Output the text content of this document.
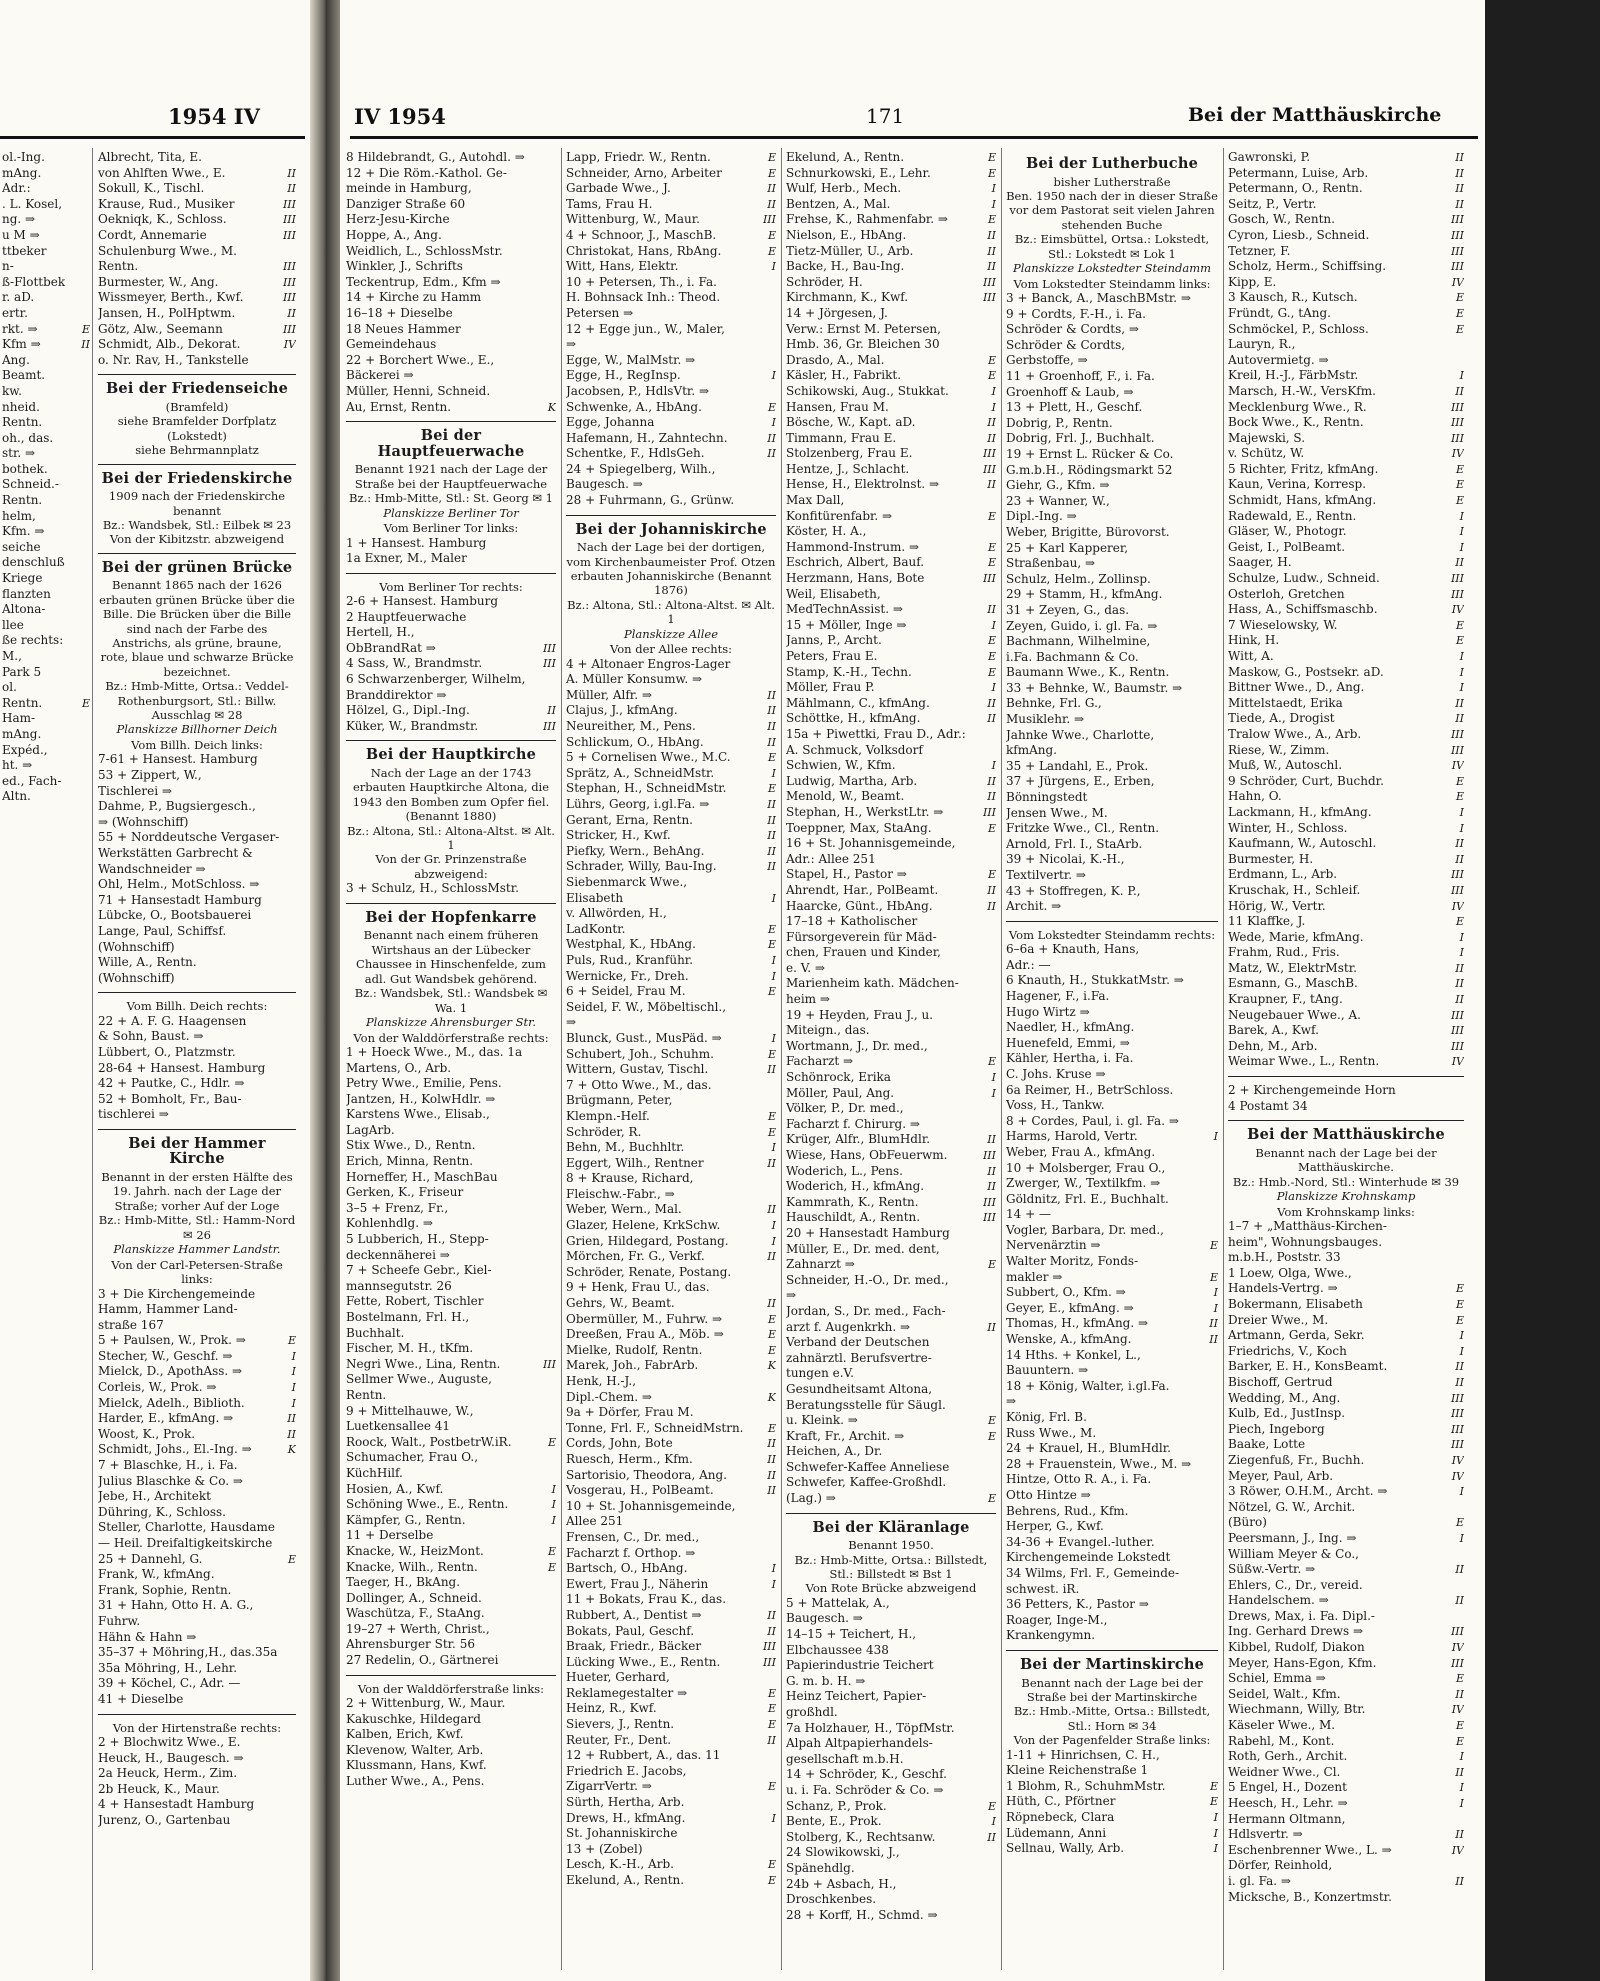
1954 IV
ol.-Ing.
mAng.
Adr.:
. L. Kosel,
ng. ⇒
u M ⇒
ttbeker
n-
ß-Flottbek
r. aD.
ertr.
rkt. ⇒	E
Kfm ⇒	II
Ang.
Beamt.
kw.
nheid.
Rentn.
oh., das.
str. ⇒
bothek.
Schneid.-
Rentn.
helm,
Kfm. ⇒
seiche
denschluß
Kriege
flanzten
Altona-
llee
ße rechts:
M.,
Park 5
ol.
Rentn.	E
Ham-
mAng.
Expéd.,
ht. ⇒
ed., Fach-
Altn.
Albrecht, Tita, E.
von Ahlften Wwe., E.	II
Sokull, K., Tischl.	II
Krause, Rud., Musiker	III
Oekniqk, K., Schloss.	III
Cordt, Annemarie	III
Schulenburg Wwe., M.
Rentn.	III
Burmester, W., Ang.	III
Wissmeyer, Berth., Kwf.	III
Jansen, H., PolHptwm.	II
Götz, Alw., Seemann	III
Schmidt, Alb., Dekorat.	IV
o. Nr. Rav, H., Tankstelle
Bei der Friedenseiche
(Bramfeld)
siehe Bramfelder Dorfplatz
(Lokstedt)
siehe Behrmannplatz
Bei der Friedenskirche
1909 nach der Friedenskirche benannt
Bz.: Wandsbek, Stl.: Eilbek ✉ 23
Von der Kibitzstr. abzweigend
Bei der grünen Brücke
Benannt 1865 nach der 1626 erbauten grünen Brücke über die Bille. Die Brücken über die Bille sind nach der Farbe des Anstrichs, als grüne, braune, rote, blaue und schwarze Brücke bezeichnet.
Bz.: Hmb-Mitte, Ortsa.: Veddel-Rothenburgsort, Stl.: Billw. Ausschlag ✉ 28
Planskizze Billhorner Deich
Vom Billh. Deich links:
7-61 + Hansest. Hamburg
53 + Zippert, W.,
Tischlerei ⇒
Dahme, P., Bugsiergesch.,
⇒ (Wohnschiff)
55 + Norddeutsche Vergaser-
Werkstätten Garbrecht &
Wandschneider ⇒
Ohl, Helm., MotSchloss. ⇒
71 + Hansestadt Hamburg
Lübcke, O., Bootsbauerei
Lange, Paul, Schiffsf.
(Wohnschiff)
Wille, A., Rentn.
(Wohnschiff)
Vom Billh. Deich rechts:
22 + A. F. G. Haagensen
& Sohn, Baust. ⇒
Lübbert, O., Platzmstr.
28-64 + Hansest. Hamburg
42 + Pautke, C., Hdlr. ⇒
52 + Bomholt, Fr., Bau-
tischlerei ⇒
Bei der Hammer Kirche
Benannt in der ersten Hälfte des 19. Jahrh. nach der Lage der Straße; vorher Auf der Loge
Bz.: Hmb-Mitte, Stl.: Hamm-Nord ✉ 26
Planskizze Hammer Landstr.
Von der Carl-Petersen-Straße links:
3 + Die Kirchengemeinde
Hamm, Hammer Land-
straße 167
5 + Paulsen, W., Prok. ⇒	E
Stecher, W., Geschf. ⇒	I
Mielck, D., ApothAss. ⇒	I
Corleis, W., Prok. ⇒	I
Mielck, Adelh., Biblioth.	I
Harder, E., kfmAng. ⇒	II
Woost, K., Prok.	II
Schmidt, Johs., El.-Ing. ⇒	K
7 + Blaschke, H., i. Fa.
Julius Blaschke & Co. ⇒
Jebe, H., Architekt
Dühring, K., Schloss.
Steller, Charlotte, Hausdame
— Heil. Dreifaltigkeitskirche
25 + Dannehl, G.	E
Frank, W., kfmAng.
Frank, Sophie, Rentn.
31 + Hahn, Otto H. A. G.,
Fuhrw.
Hähn & Hahn ⇒
35–37 + Möhring,H., das.35a
35a Möhring, H., Lehr.
39 + Köchel, C., Adr. —
41 + Dieselbe
Von der Hirtenstraße rechts:
2 + Blochwitz Wwe., E.
Heuck, H., Baugesch. ⇒
2a Heuck, Herm., Zim.
2b Heuck, K., Maur.
4 + Hansestadt Hamburg
Jurenz, O., Gartenbau
IV 1954	171	Bei der Matthäuskirche
8 Hildebrandt, G., Autohdl. ⇒
12 + Die Röm.-Kathol. Ge-
meinde in Hamburg,
Danziger Straße 60
Herz-Jesu-Kirche
Hoppe, A., Ang.
Weidlich, L., SchlossMstr.
Winkler, J., Schrifts
Teckentrup, Edm., Kfm ⇒
14 + Kirche zu Hamm
16–18 + Dieselbe
18 Neues Hammer
Gemeindehaus
22 + Borchert Wwe., E.,
Bäckerei ⇒
Müller, Henni, Schneid.
Au, Ernst, Rentn.	K
Bei der Hauptfeuerwache
Benannt 1921 nach der Lage der Straße bei der Hauptfeuerwache
Bz.: Hmb-Mitte, Stl.: St. Georg ✉ 1
Planskizze Berliner Tor
Vom Berliner Tor links:
1 + Hansest. Hamburg
1a Exner, M., Maler
Vom Berliner Tor rechts:
2-6 + Hansest. Hamburg
2 Hauptfeuerwache
Hertell, H.,
ObBrandRat ⇒	III
4 Sass, W., Brandmstr.	III
6 Schwarzenberger, Wilhelm,
Branddirektor ⇒
Hölzel, G., Dipl.-Ing.	II
Küker, W., Brandmstr.	III
Bei der Hauptkirche
Nach der Lage an der 1743 erbauten Hauptkirche Altona, die 1943 den Bomben zum Opfer fiel. (Benannt 1880)
Bz.: Altona, Stl.: Altona-Altst. ✉ Alt. 1
Von der Gr. Prinzenstraße abzweigend:
3 + Schulz, H., SchlossMstr.
Bei der Hopfenkarre
Benannt nach einem früheren Wirtshaus an der Lübecker Chaussee in Hinschenfelde, zum adl. Gut Wandsbek gehörend.
Bz.: Wandsbek, Stl.: Wandsbek ✉ Wa. 1
Planskizze Ahrensburger Str.
Von der Walddörferstraße rechts:
1 + Hoeck Wwe., M., das. 1a
Martens, O., Arb.
Petry Wwe., Emilie, Pens.
Jantzen, H., KolwHdlr. ⇒
Karstens Wwe., Elisab.,
LagArb.
Stix Wwe., D., Rentn.
Erich, Minna, Rentn.
Horneffer, H., MaschBau
Gerken, K., Friseur
3–5 + Frenz, Fr.,
Kohlenhdlg. ⇒
5 Lubberich, H., Stepp-
deckennäherei ⇒
7 + Scheefe Gebr., Kiel-
mannsegutstr. 26
Fette, Robert, Tischler
Bostelmann, Frl. H.,
Buchhalt.
Fischer, M. H., tKfm.
Negri Wwe., Lina, Rentn.	III
Sellmer Wwe., Auguste,
Rentn.
9 + Mittelhauwe, W.,
Luetkensallee 41
Roock, Walt., PostbetrW.iR.	E
Schumacher, Frau O.,
KüchHilf.
Hosien, A., Kwf.	I
Schöning Wwe., E., Rentn.	I
Kämpfer, G., Rentn.	I
11 + Derselbe
Knacke, W., HeizMont.	E
Knacke, Wilh., Rentn.	E
Taeger, H., BkAng.
Dollinger, A., Schneid.
Waschütza, F., StaAng.
19–27 + Werth, Christ.,
Ahrensburger Str. 56
27 Redelin, O., Gärtnerei
Von der Walddörferstraße links:
2 + Wittenburg, W., Maur.
Kakuschke, Hildegard
Kalben, Erich, Kwf.
Klevenow, Walter, Arb.
Klussmann, Hans, Kwf.
Luther Wwe., A., Pens.
Lapp, Friedr. W., Rentn.	E
Schneider, Arno, Arbeiter	E
Garbade Wwe., J.	II
Tams, Frau H.	II
Wittenburg, W., Maur.	III
4 + Schnoor, J., MaschB.	E
Christokat, Hans, RbAng.	E
Witt, Hans, Elektr.	I
10 + Petersen, Th., i. Fa.
H. Bohnsack Inh.: Theod.
Petersen ⇒
12 + Egge jun., W., Maler,
⇒
Egge, W., MalMstr. ⇒
Egge, H., RegInsp.	I
Jacobsen, P., HdlsVtr. ⇒
Schwenke, A., HbAng.	E
Egge, Johanna	I
Hafemann, H., Zahntechn.	II
Schentke, F., HdlsGeh.	II
24 + Spiegelberg, Wilh.,
Baugesch. ⇒
28 + Fuhrmann, G., Grünw.
Bei der Johanniskirche
Nach der Lage bei der dortigen, vom Kirchenbaumeister Prof. Otzen erbauten Johanniskirche (Benannt 1876)
Bz.: Altona, Stl.: Altona-Altst. ✉ Alt. 1
Planskizze Allee
Von der Allee rechts:
4 + Altonaer Engros-Lager
A. Müller Konsumw. ⇒
Müller, Alfr. ⇒	II
Clajus, J., kfmAng.	II
Neureither, M., Pens.	II
Schlickum, O., HbAng.	II
5 + Cornelisen Wwe., M.C.	E
Sprätz, A., SchneidMstr.	I
Stephan, H., SchneidMstr.	E
Lührs, Georg, i.gl.Fa. ⇒	II
Gerant, Erna, Rentn.	II
Stricker, H., Kwf.	II
Piefky, Wern., BehAng.	II
Schrader, Willy, Bau-Ing.	II
Siebenmarck Wwe.,
Elisabeth	I
v. Allwörden, H.,
LadKontr.	E
Westphal, K., HbAng.	E
Puls, Rud., Kranführ.	I
Wernicke, Fr., Dreh.	I
6 + Seidel, Frau M.	E
Seidel, F. W., Möbeltischl.,
⇒
Blunck, Gust., MusPäd. ⇒	I
Schubert, Joh., Schuhm.	E
Wittern, Gustav, Tischl.	II
7 + Otto Wwe., M., das.
Brügmann, Peter,
Klempn.-Helf.	E
Schröder, R.	E
Behn, M., Buchhltr.	I
Eggert, Wilh., Rentner	II
8 + Krause, Richard,
Fleischw.-Fabr., ⇒
Weber, Wern., Mal.	II
Glazer, Helene, KrkSchw.	I
Grien, Hildegard, Postang.	I
Mörchen, Fr. G., Verkf.	II
Schröder, Renate, Postang.
9 + Henk, Frau U., das.
Gehrs, W., Beamt.	II
Obermüller, M., Fuhrw. ⇒	E
Dreeßen, Frau A., Möb. ⇒	E
Mielke, Rudolf, Rentn.	E
Marek, Joh., FabrArb.	K
Henk, H.-J.,
Dipl.-Chem. ⇒	K
9a + Dörfer, Frau M.
Tonne, Frl. F., SchneidMstrn. E
Cords, John, Bote	II
Ruesch, Herm., Kfm.	II
Sartorisio, Theodora, Ang.	II
Vosgerau, H., PolBeamt.	II
10 + St. Johannisgemeinde,
Allee 251
Frensen, C., Dr. med.,
Facharzt f. Orthop. ⇒
Bartsch, O., HbAng.	I
Ewert, Frau J., Näherin	I
11 + Bokats, Frau K., das.
Rubbert, A., Dentist ⇒	II
Bokats, Paul, Geschf.	II
Braak, Friedr., Bäcker	III
Lücking Wwe., E., Rentn.	III
Hueter, Gerhard,
Reklamegestalter ⇒	E
Heinz, R., Kwf.	E
Sievers, J., Rentn.	E
Reuter, Fr., Dent.	II
12 + Rubbert, A., das. 11
Friedrich E. Jacobs,
ZigarrVertr. ⇒	E
Sürth, Hertha, Arb.
Drews, H., kfmAng.	I
St. Johanniskirche
13 + (Zobel)
Lesch, K.-H., Arb.	E
Ekelund, A., Rentn.	E
Ekelund, A., Rentn.	E
Schnurkowski, E., Lehr.	E
Wulf, Herb., Mech.	I
Bentzen, A., Mal.	I
Frehse, K., Rahmenfabr. ⇒	E
Nielson, E., HbAng.	II
Tietz-Müller, U., Arb.	II
Backe, H., Bau-Ing.	II
Schröder, H.	III
Kirchmann, K., Kwf.	III
14 + Jörgesen, J.
Verw.: Ernst M. Petersen,
Hmb. 36, Gr. Bleichen 30
Drasdo, A., Mal.	E
Käsler, H., Fabrikt.	E
Schikowski, Aug., Stukkat.	I
Hansen, Frau M.	I
Bösche, W., Kapt. aD.	II
Timmann, Frau E.	II
Stolzenberg, Frau E.	III
Hentze, J., Schlacht.	III
Hense, H., Elektrolnst. ⇒	II
Max Dall,
Konfitürenfabr. ⇒	E
Köster, H. A.,
Hammond-Instrum. ⇒	E
Eschrich, Albert, Bauf.	E
Herzmann, Hans, Bote	III
Weil, Elisabeth,
MedTechnAssist. ⇒	II
15 + Möller, Inge ⇒	I
Janns, P., Archt.	E
Peters, Frau E.	E
Stamp, K.-H., Techn.	E
Möller, Frau P.	I
Mählmann, C., kfmAng.	II
Schöttke, H., kfmAng.	II
15a + Piwettki, Frau D., Adr.:
A. Schmuck, Volksdorf
Schwien, W., Kfm.	I
Ludwig, Martha, Arb.	II
Menold, W., Beamt.	II
Stephan, H., WerkstLtr. ⇒	III
Toeppner, Max, StaAng.	E
16 + St. Johannisgemeinde,
Adr.: Allee 251
Stapel, H., Pastor ⇒	E
Ahrendt, Har., PolBeamt.	II
Haarcke, Günt., HbAng.	II
17–18 + Katholischer
Fürsorgeverein für Mäd-
chen, Frauen und Kinder,
e. V. ⇒
Marienheim kath. Mädchen-
heim ⇒
19 + Heyden, Frau J., u.
Miteign., das.
Wortmann, J., Dr. med.,
Facharzt ⇒	E
Schönrock, Erika	I
Möller, Paul, Ang.	I
Völker, P., Dr. med.,
Facharzt f. Chirurg. ⇒
Krüger, Alfr., BlumHdlr.	II
Wiese, Hans, ObFeuerwm.	III
Woderich, L., Pens.	II
Woderich, H., kfmAng.	II
Kammrath, K., Rentn.	III
Hauschildt, A., Rentn.	III
20 + Hansestadt Hamburg
Müller, E., Dr. med. dent,
Zahnarzt ⇒	E
Schneider, H.-O., Dr. med.,
⇒
Jordan, S., Dr. med., Fach-
arzt f. Augenkrkh. ⇒	II
Verband der Deutschen
zahnärztl. Berufsvertre-
tungen e.V.
Gesundheitsamt Altona,
Beratungsstelle für Säugl.
u. Kleink. ⇒	E
Kraft, Fr., Archit. ⇒	E
Heichen, A., Dr.
Schwefer-Kaffee Anneliese
Schwefer, Kaffee-Großhdl.
(Lag.) ⇒	E
Bei der Kläranlage
Benannt 1950.
Bz.: Hmb-Mitte, Ortsa.: Billstedt, Stl.: Billstedt ✉ Bst 1
Von Rote Brücke abzweigend
5 + Mattelak, A.,
Baugesch. ⇒
14–15 + Teichert, H.,
Elbchaussee 438
Papierindustrie Teichert
G. m. b. H. ⇒
Heinz Teichert, Papier-
großhdl.
7a Holzhauer, H., TöpfMstr.
Alpah Altpapierhandels-
gesellschaft m.b.H.
14 + Schröder, K., Geschf.
u. i. Fa. Schröder & Co. ⇒
Schanz, P., Prok.	E
Bente, E., Prok.	I
Stolberg, K., Rechtsanw.	II
24 Slowikowski, J.,
Spänehdlg.
24b + Asbach, H.,
Droschkenbes.
28 + Korff, H., Schmd. ⇒
Bei der Lutherbuche
bisher Lutherstraße
Ben. 1950 nach der in dieser Straße vor dem Pastorat seit vielen Jahren stehenden Buche
Bz.: Eimsbüttel, Ortsa.: Lokstedt, Stl.: Lokstedt ✉ Lok 1
Planskizze Lokstedter Steindamm
Vom Lokstedter Steindamm links:
3 + Banck, A., MaschBMstr. ⇒
9 + Cordts, F.-H., i. Fa.
Schröder & Cordts, ⇒
Schröder & Cordts,
Gerbstoffe, ⇒
11 + Groenhoff, F., i. Fa.
Groenhoff & Laub, ⇒
13 + Plett, H., Geschf.
Dobrig, P., Rentn.
Dobrig, Frl. J., Buchhalt.
19 + Ernst L. Rücker & Co.
G.m.b.H., Rödingsmarkt 52
Giehr, G., Kfm. ⇒
23 + Wanner, W.,
Dipl.-Ing. ⇒
Weber, Brigitte, Bürovorst.
25 + Karl Kapperer,
Straßenbau, ⇒
Schulz, Helm., Zollinsp.
29 + Stamm, H., kfmAng.
31 + Zeyen, G., das.
Zeyen, Guido, i. gl. Fa. ⇒
Bachmann, Wilhelmine,
i.Fa. Bachmann & Co.
Baumann Wwe., K., Rentn.
33 + Behnke, W., Baumstr. ⇒
Behnke, Frl. G.,
Musiklehr. ⇒
Jahnke Wwe., Charlotte,
kfmAng.
35 + Landahl, E., Prok.
37 + Jürgens, E., Erben,
Bönningstedt
Jensen Wwe., M.
Fritzke Wwe., Cl., Rentn.
Arnold, Frl. I., StaArb.
39 + Nicolai, K.-H.,
Textilvertr. ⇒
43 + Stoffregen, K. P.,
Archit. ⇒
Vom Lokstedter Steindamm rechts:
6–6a + Knauth, Hans,
Adr.: —
6 Knauth, H., StukkatMstr. ⇒
Hagener, F., i.Fa.
Hugo Wirtz ⇒
Naedler, H., kfmAng.
Huenefeld, Emmi, ⇒
Kähler, Hertha, i. Fa.
C. Johs. Kruse ⇒
6a Reimer, H., BetrSchloss.
Voss, H., Tankw.
8 + Cordes, Paul, i. gl. Fa. ⇒
Harms, Harold, Vertr.	I
Weber, Frau A., kfmAng.
10 + Molsberger, Frau O.,
Zwerger, W., Textilkfm. ⇒
Göldnitz, Frl. E., Buchhalt.
14 + —
Vogler, Barbara, Dr. med.,
Nervenärztin ⇒	E
Walter Moritz, Fonds-
makler ⇒	E
Subbert, O., Kfm. ⇒	I
Geyer, E., kfmAng. ⇒	I
Thomas, H., kfmAng. ⇒	II
Wenske, A., kfmAng.	II
14 Hths. + Konkel, L.,
Bauuntern. ⇒
18 + König, Walter, i.gl.Fa.
⇒
König, Frl. B.
Russ Wwe., M.
24 + Krauel, H., BlumHdlr.
28 + Frauenstein, Wwe., M. ⇒
Hintze, Otto R. A., i. Fa.
Otto Hintze ⇒
Behrens, Rud., Kfm.
Herper, G., Kwf.
34-36 + Evangel.-luther.
Kirchengemeinde Lokstedt
34 Wilms, Frl. F., Gemeinde-
schwest. iR.
36 Petters, K., Pastor ⇒
Roager, Inge-M.,
Krankengymn.
Bei der Martinskirche
Benannt nach der Lage bei der Straße bei der Martinskirche
Bz.: Hmb.-Mitte, Ortsa.: Billstedt, Stl.: Horn ✉ 34
Von der Pagenfelder Straße links:
1-11 + Hinrichsen, C. H.,
Kleine Reichenstraße 1
1 Blohm, R., SchuhmMstr.	E
Hüth, C., Pförtner	E
Röpnebeck, Clara	I
Lüdemann, Anni	I
Sellnau, Wally, Arb.	I
Gawronski, P.	II
Petermann, Luise, Arb.	II
Petermann, O., Rentn.	II
Seitz, P., Vertr.	II
Gosch, W., Rentn.	III
Cyron, Liesb., Schneid.	III
Tetzner, F.	III
Scholz, Herm., Schiffsing.	III
Kipp, E.	IV
3 Kausch, R., Kutsch.	E
Fründt, G., tAng.	E
Schmöckel, P., Schloss.	E
Lauryn, R.,
Autovermietg. ⇒
Kreil, H.-J., FärbMstr.	I
Marsch, H.-W., VersKfm.	II
Mecklenburg Wwe., R.	III
Bock Wwe., K., Rentn.	III
Majewski, S.	III
v. Schütz, W.	IV
5 Richter, Fritz, kfmAng.	E
Kaun, Verina, Korresp.	E
Schmidt, Hans, kfmAng.	E
Radewald, E., Rentn.	I
Gläser, W., Photogr.	I
Geist, I., PolBeamt.	I
Saager, H.	II
Schulze, Ludw., Schneid.	III
Osterloh, Gretchen	III
Hass, A., Schiffsmaschb.	IV
7 Wieselowsky, W.	E
Hink, H.	E
Witt, A.	I
Maskow, G., Postsekr. aD.	I
Bittner Wwe., D., Ang.	I
Mittelstaedt, Erika	II
Tiede, A., Drogist	II
Tralow Wwe., A., Arb.	III
Riese, W., Zimm.	III
Muß, W., Autoschl.	IV
9 Schröder, Curt, Buchdr.	E
Hahn, O.	E
Lackmann, H., kfmAng.	I
Winter, H., Schloss.	I
Kaufmann, W., Autoschl.	II
Burmester, H.	II
Erdmann, L., Arb.	III
Kruschak, H., Schleif.	III
Hörig, W., Vertr.	IV
11 Klaffke, J.	E
Wede, Marie, kfmAng.	I
Frahm, Rud., Fris.	I
Matz, W., ElektrMstr.	II
Esmann, G., MaschB.	II
Kraupner, F., tAng.	II
Neugebauer Wwe., A.	III
Barek, A., Kwf.	III
Dehn, M., Arb.	III
Weimar Wwe., L., Rentn.	IV
2 + Kirchengemeinde Horn
4 Postamt 34
Bei der Matthäuskirche
Benannt nach der Lage bei der Matthäuskirche.
Bz.: Hmb.-Nord, Stl.: Winterhude ✉ 39
Planskizze Krohnskamp
Vom Krohnskamp links:
1–7 + „Matthäus-Kirchen-
heim", Wohnungsbauges.
m.b.H., Poststr. 33
1 Loew, Olga, Wwe.,
Handels-Vertrg. ⇒	E
Bokermann, Elisabeth	E
Dreier Wwe., M.	E
Artmann, Gerda, Sekr.	I
Friedrichs, V., Koch	I
Barker, E. H., KonsBeamt.	II
Bischoff, Gertrud	II
Wedding, M., Ang.	III
Kulb, Ed., JustInsp.	III
Piech, Ingeborg	III
Baake, Lotte	III
Ziegenfuß, Fr., Buchh.	IV
Meyer, Paul, Arb.	IV
3 Röwer, O.H.M., Archt. ⇒	I
Nötzel, G. W., Archit.
(Büro)	E
Peersmann, J., Ing. ⇒	I
William Meyer & Co.,
Süßw.-Vertr. ⇒	II
Ehlers, C., Dr., vereid.
Handelschem. ⇒	II
Drews, Max, i. Fa. Dipl.-
Ing. Gerhard Drews ⇒	III
Kibbel, Rudolf, Diakon	IV
Meyer, Hans-Egon, Kfm.	III
Schiel, Emma ⇒	E
Seidel, Walt., Kfm.	II
Wiechmann, Willy, Btr.	IV
Käseler Wwe., M.	E
Rabehl, M., Kont.	E
Roth, Gerh., Archit.	I
Weidner Wwe., Cl.	II
5 Engel, H., Dozent	I
Heesch, H., Lehr. ⇒	I
Hermann Oltmann,
Hdlsvertr. ⇒	II
Eschenbrenner Wwe., L. ⇒	IV
Dörfer, Reinhold,
i. gl. Fa. ⇒	II
Micksche, B., Konzertmstr.
